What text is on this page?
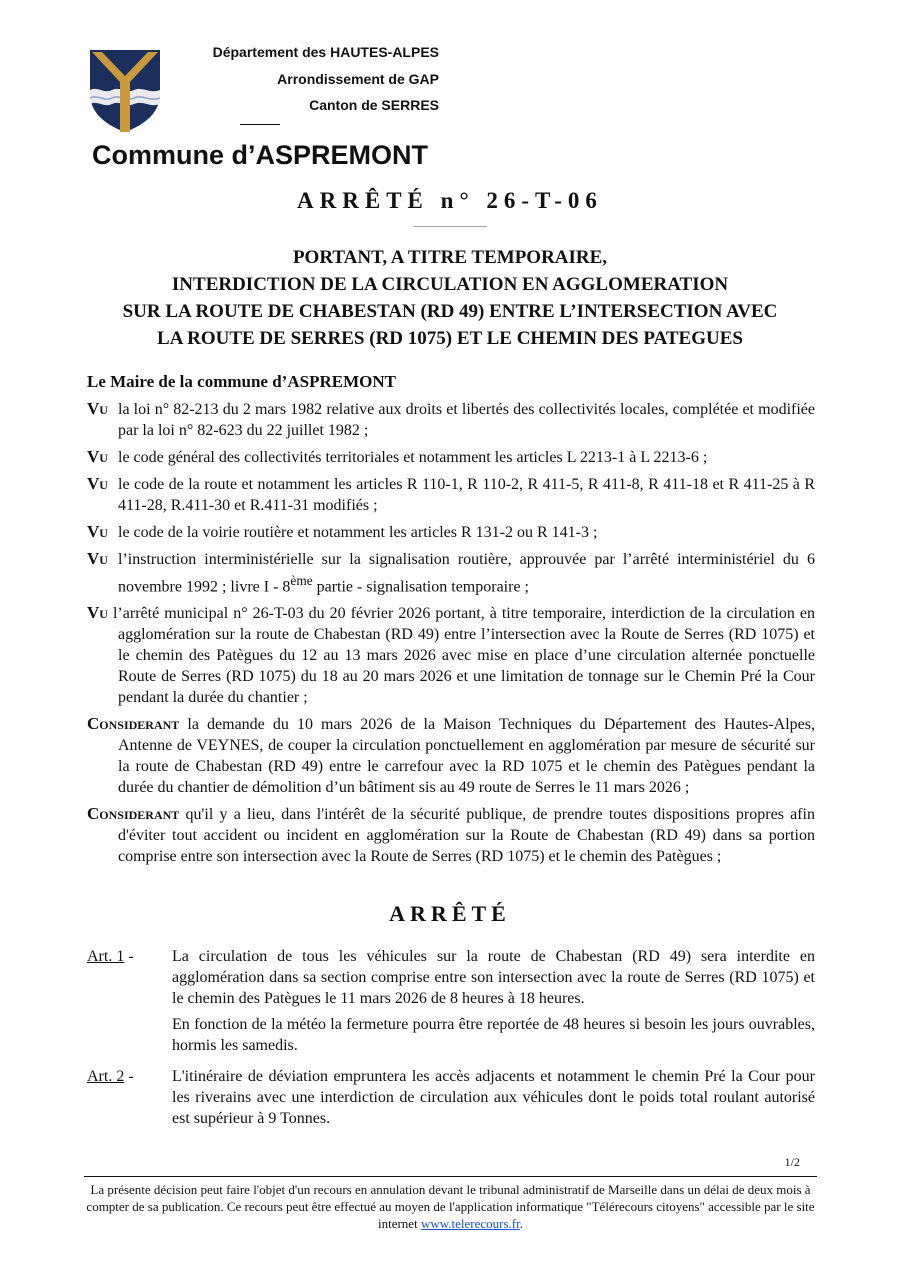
Département des HAUTES-ALPES
Arrondissement de GAP
Canton de SERRES
Commune d’ASPREMONT
ARRÊTÉ n° 26-T-06
PORTANT, A TITRE TEMPORAIRE,
INTERDICTION DE LA CIRCULATION EN AGGLOMERATION
SUR LA ROUTE DE CHABESTAN (RD 49) ENTRE L’INTERSECTION AVEC
LA ROUTE DE SERRES (RD 1075) ET LE CHEMIN DES PATEGUES
Le Maire de la commune d’ASPREMONT

Vu la loi n° 82-213 du 2 mars 1982 relative aux droits et libertés des collectivités locales, complétée et modifiée par la loi n° 82-623 du 22 juillet 1982 ;

Vu le code général des collectivités territoriales et notamment les articles L 2213-1 à L 2213-6 ;

Vu le code de la route et notamment les articles R 110-1, R 110-2, R 411-5, R 411-8, R 411-18 et R 411-25 à R 411-28, R.411-30 et R.411-31 modifiés ;

Vu le code de la voirie routière et notamment les articles R 131-2 ou R 141-3 ;

Vu l’instruction interministérielle sur la signalisation routière, approuvée par l’arrêté interministériel du 6 novembre 1992 ; livre I - 8ème partie - signalisation temporaire ;

Vu l’arrêté municipal n° 26-T-03 du 20 février 2026 portant, à titre temporaire, interdiction de la circulation en agglomération sur la route de Chabestan (RD 49) entre l’intersection avec la Route de Serres (RD 1075) et le chemin des Patègues du 12 au 13 mars 2026 avec mise en place d’une circulation alternée ponctuelle Route de Serres (RD 1075) du 18 au 20 mars 2026 et une limitation de tonnage sur le Chemin Pré la Cour pendant la durée du chantier ;

Considerant la demande du 10 mars 2026 de la Maison Techniques du Département des Hautes-Alpes, Antenne de VEYNES, de couper la circulation ponctuellement en agglomération par mesure de sécurité sur la route de Chabestan (RD 49) entre le carrefour avec la RD 1075 et le chemin des Patègues pendant la durée du chantier de démolition d’un bâtiment sis au 49 route de Serres le 11 mars 2026 ;

Considerant qu'il y a lieu, dans l'intérêt de la sécurité publique, de prendre toutes dispositions propres afin d'éviter tout accident ou incident en agglomération sur la Route de Chabestan (RD 49) dans sa portion comprise entre son intersection avec la Route de Serres (RD 1075) et le chemin des Patègues ;

ARRÊTÉ
Art. 1 -	La circulation de tous les véhicules sur la route de Chabestan (RD 49) sera interdite en agglomération dans sa section comprise entre son intersection avec la route de Serres (RD 1075) et le chemin des Patègues le 11 mars 2026 de 8 heures à 18 heures.

En fonction de la météo la fermeture pourra être reportée de 48 heures si besoin les jours ouvrables, hormis les samedis.

Art. 2 -	L'itinéraire de déviation empruntera les accès adjacents et notamment le chemin Pré la Cour pour les riverains avec une interdiction de circulation aux véhicules dont le poids total roulant autorisé est supérieur à 9 Tonnes.

1/2
La présente décision peut faire l'objet d'un recours en annulation devant le tribunal administratif de Marseille dans un délai de deux mois à compter de sa publication. Ce recours peut être effectué au moyen de l'application informatique "Télérecours citoyens" accessible par le site internet www.telerecours.fr.
